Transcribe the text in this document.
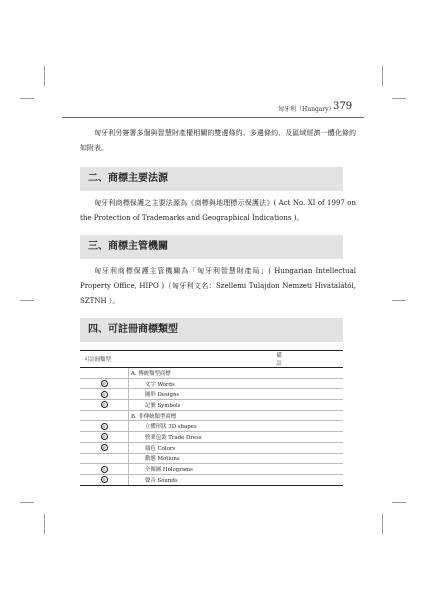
匈牙利（Hungary）
379

匈牙利另簽署多個與智慧財產權相關的雙邊條約、多邊條約、及區域經濟一體化條約如附表。

二、商標主要法源

匈牙利商標保護之主要法源為《商標與地理標示保護法》( Act No. XI of 1997 on the Protection of Trademarks and Geographical Indications )。

三、商標主管機關

匈牙利商標保護主管機關為「匈牙利智慧財產局」( Hungarian Intellectual Property Office, HIPO )（匈牙利文名：Szellemi Tulajdon Nemzeti Hivatalától, SZTNH ）。

四、可註冊商標類型
可註冊類型		備  註
	A. 傳統類型商標	
®	文字 Words	
®	圖形 Designs	
®	記號 Symbols	
	B. 非傳統類型商標	
®	立體形狀 3D shapes	
®	營業包裝 Trade Dress	
®	顏色 Colors	
	動態 Motions	
®	全像圖 Holograms	
®	聲音 Sounds	
